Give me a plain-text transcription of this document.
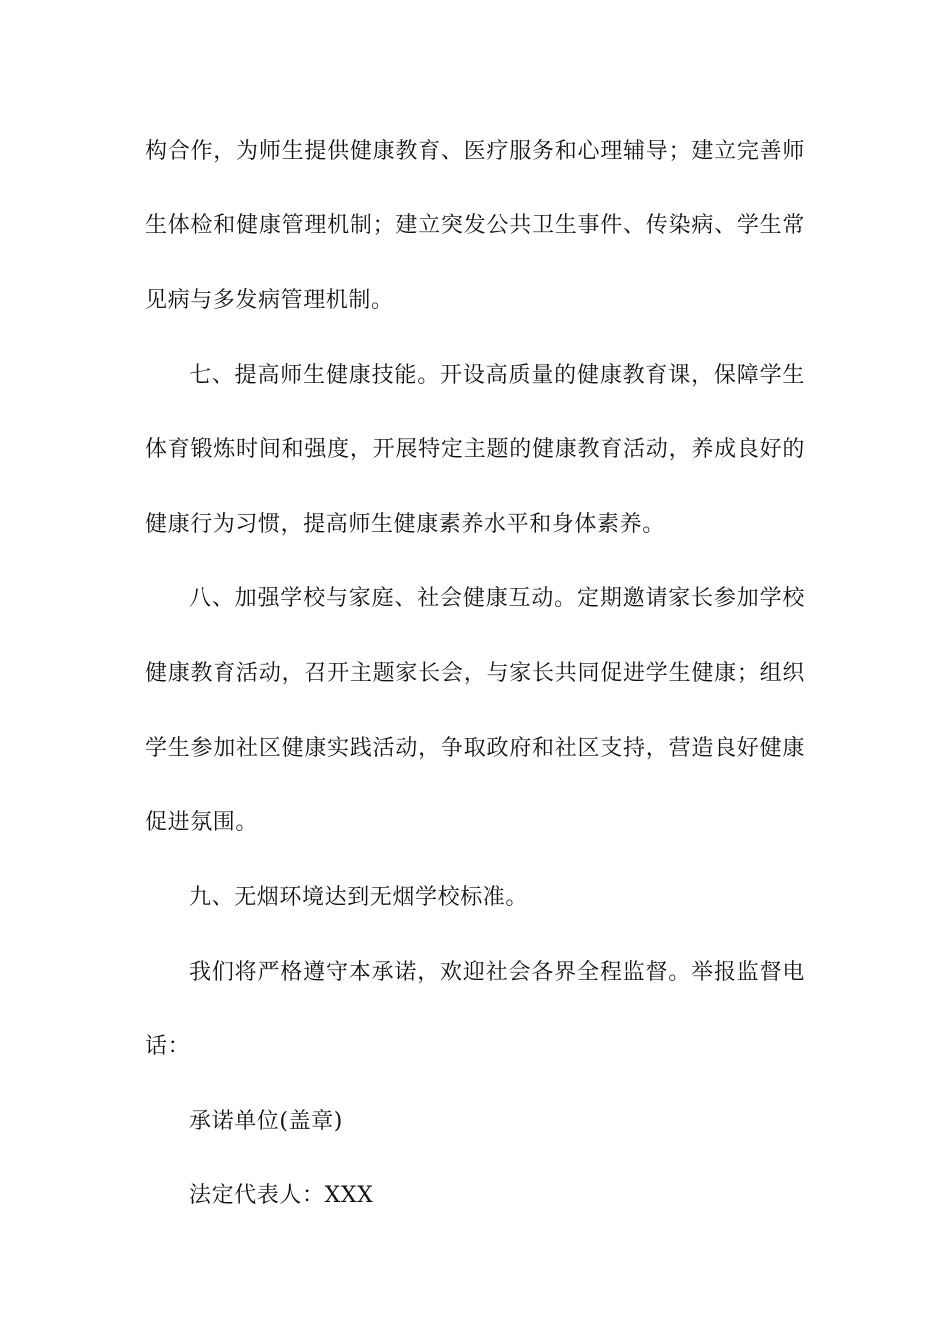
构合作，为师生提供健康教育、医疗服务和心理辅导；建立完善师
生体检和健康管理机制；建立突发公共卫生事件、传染病、学生常
见病与多发病管理机制。
七、提高师生健康技能。开设高质量的健康教育课，保障学生
体育锻炼时间和强度，开展特定主题的健康教育活动，养成良好的
健康行为习惯，提高师生健康素养水平和身体素养。
八、加强学校与家庭、社会健康互动。定期邀请家长参加学校
健康教育活动，召开主题家长会，与家长共同促进学生健康；组织
学生参加社区健康实践活动，争取政府和社区支持，营造良好健康
促进氛围。
九、无烟环境达到无烟学校标准。
我们将严格遵守本承诺，欢迎社会各界全程监督。举报监督电
话：
承诺单位(盖章)
法定代表人：XXX
